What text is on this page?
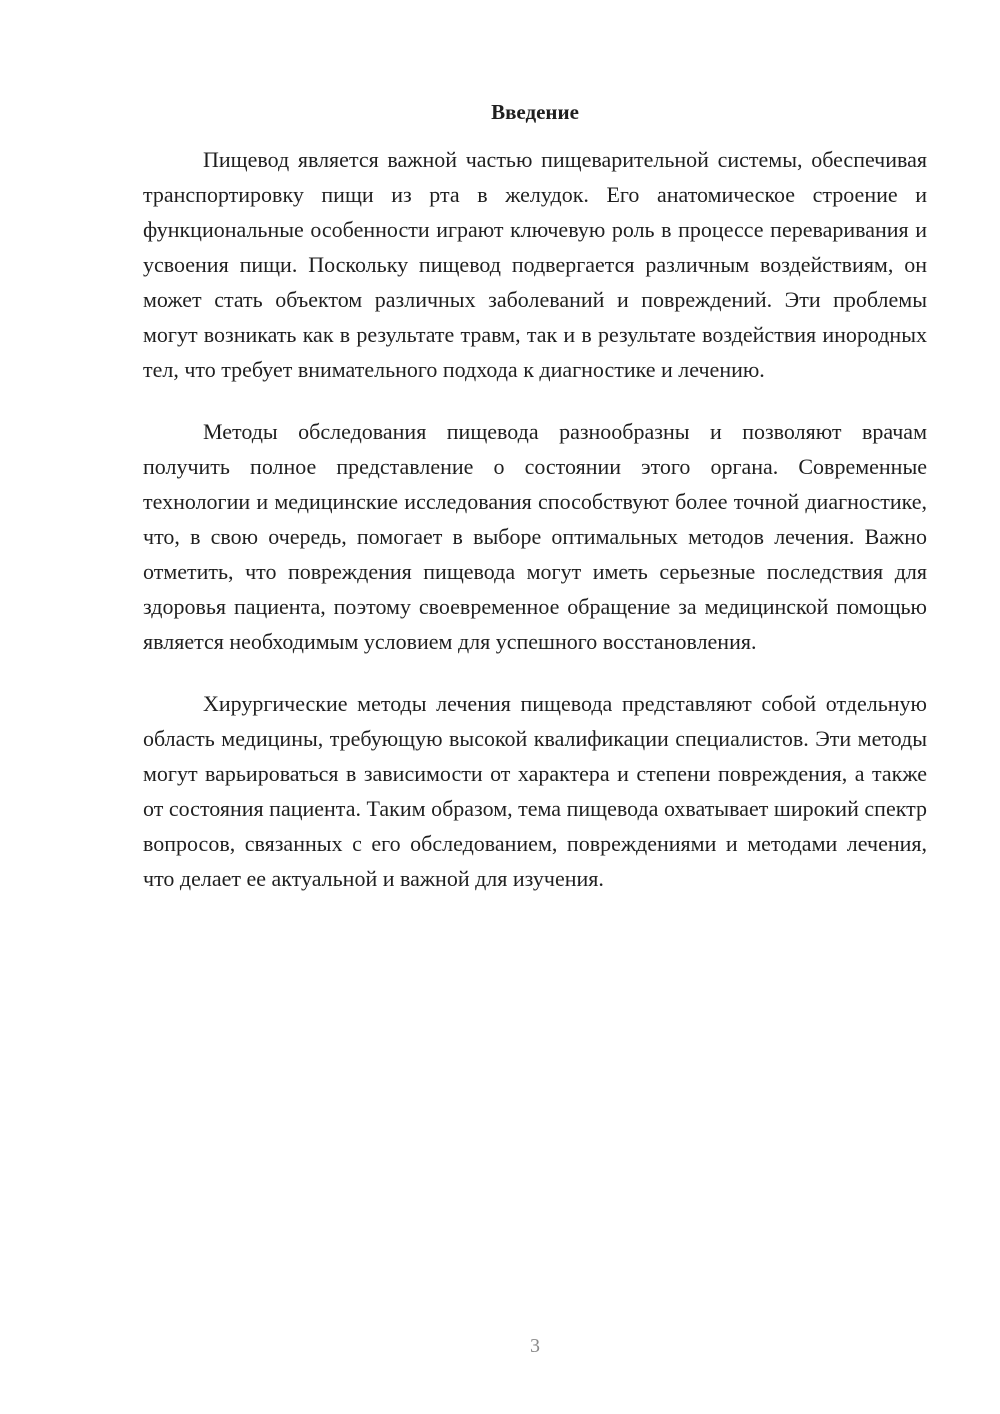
Введение

Пищевод является важной частью пищеварительной системы, обеспечивая транспортировку пищи из рта в желудок. Его анатомическое строение и функциональные особенности играют ключевую роль в процессе переваривания и усвоения пищи. Поскольку пищевод подвергается различным воздействиям, он может стать объектом различных заболеваний и повреждений. Эти проблемы могут возникать как в результате травм, так и в результате воздействия инородных тел, что требует внимательного подхода к диагностике и лечению.

Методы обследования пищевода разнообразны и позволяют врачам получить полное представление о состоянии этого органа. Современные технологии и медицинские исследования способствуют более точной диагностике, что, в свою очередь, помогает в выборе оптимальных методов лечения. Важно отметить, что повреждения пищевода могут иметь серьезные последствия для здоровья пациента, поэтому своевременное обращение за медицинской помощью является необходимым условием для успешного восстановления.

Хирургические методы лечения пищевода представляют собой отдельную область медицины, требующую высокой квалификации специалистов. Эти методы могут варьироваться в зависимости от характера и степени повреждения, а также от состояния пациента. Таким образом, тема пищевода охватывает широкий спектр вопросов, связанных с его обследованием, повреждениями и методами лечения, что делает ее актуальной и важной для изучения.

3
